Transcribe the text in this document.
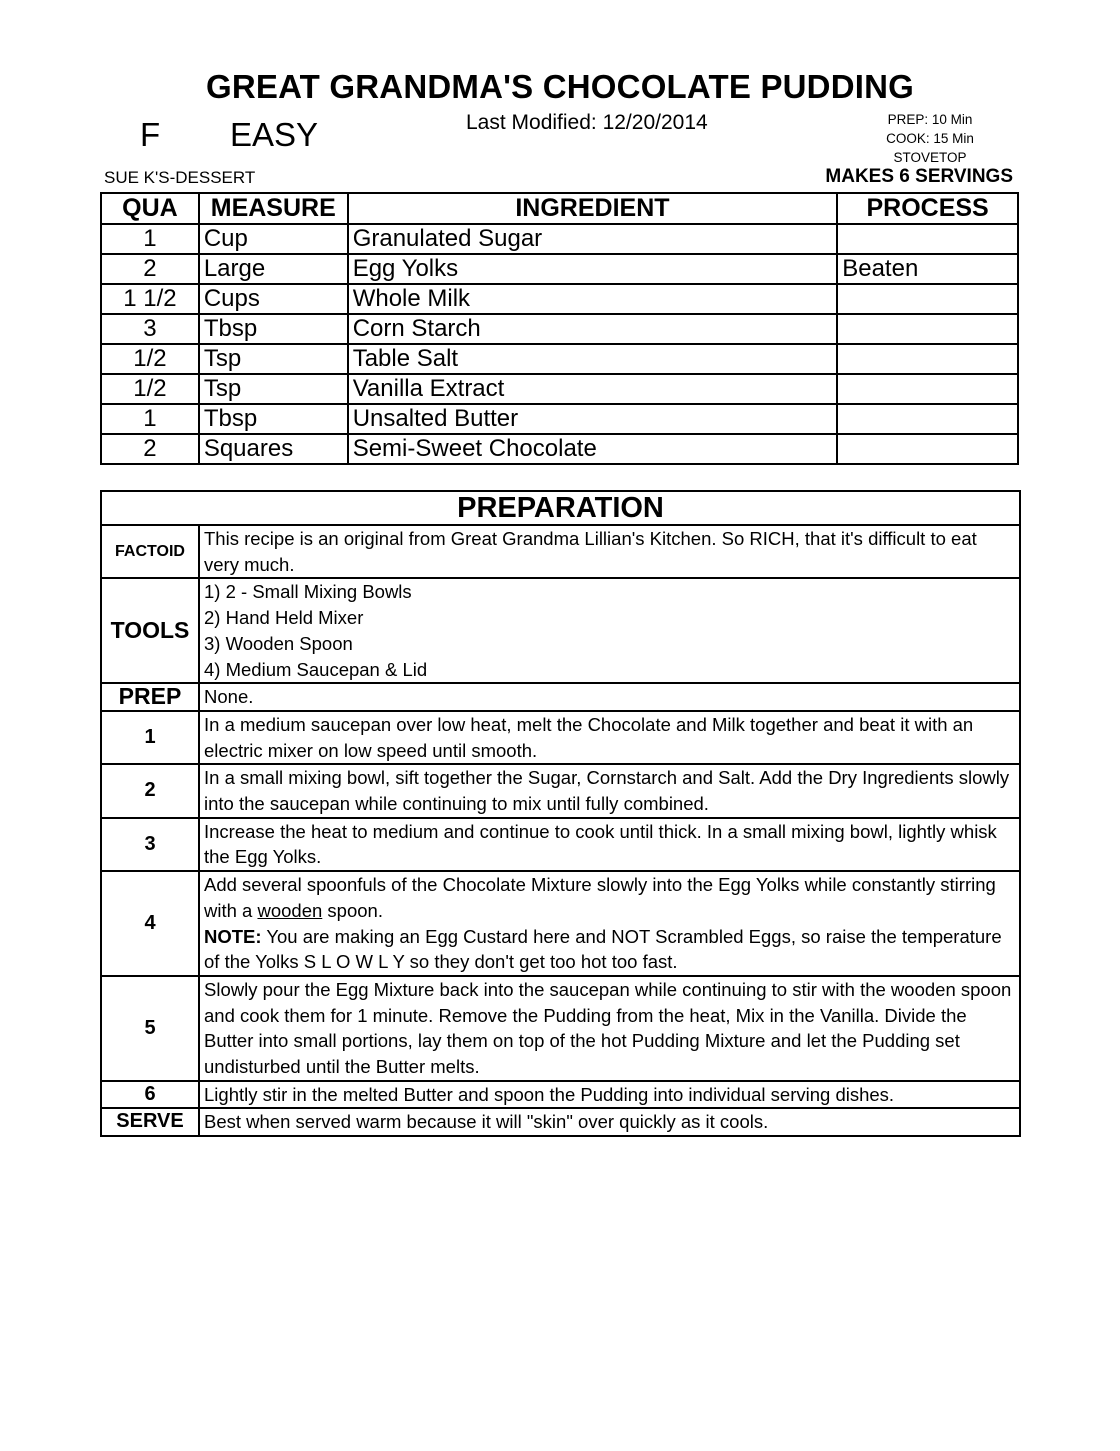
GREAT GRANDMA'S CHOCOLATE PUDDING
F EASY	Last Modified: 12/20/2014	PREP: 10 Min
COOK: 15 Min
STOVETOP
SUE K'S-DESSERT	MAKES 6 SERVINGS
QUA	MEASURE	INGREDIENT	PROCESS
1	Cup	Granulated Sugar	
2	Large	Egg Yolks	Beaten
1 1/2	Cups	Whole Milk	
3	Tbsp	Corn Starch	
1/2	Tsp	Table Salt	
1/2	Tsp	Vanilla Extract	
1	Tbsp	Unsalted Butter	
2	Squares	Semi-Sweet Chocolate	
PREPARATION	
FACTOID	This recipe is an original from Great Grandma Lillian's Kitchen. So RICH, that it's difficult to eat very much.
TOOLS	1) 2 - Small Mixing Bowls
2) Hand Held Mixer
3) Wooden Spoon
4) Medium Saucepan & Lid

PREP	None.
1	In a medium saucepan over low heat, melt the Chocolate and Milk together and beat it with an electric mixer on low speed until smooth.
2	In a small mixing bowl, sift together the Sugar, Cornstarch and Salt. Add the Dry Ingredients slowly into the saucepan while continuing to mix until fully combined.
3	Increase the heat to medium and continue to cook until thick. In a small mixing bowl, lightly whisk the Egg Yolks.
4	Add several spoonfuls of the Chocolate Mixture slowly into the Egg Yolks while constantly stirring with a wooden spoon.
NOTE: You are making an Egg Custard here and NOT Scrambled Eggs, so raise the temperature of the Yolks S L O W L Y so they don't get too hot too fast.
5	Slowly pour the Egg Mixture back into the saucepan while continuing to stir with the wooden spoon and cook them for 1 minute. Remove the Pudding from the heat, Mix in the Vanilla. Divide the Butter into small portions, lay them on top of the hot Pudding Mixture and let the Pudding set undisturbed until the Butter melts.
6	Lightly stir in the melted Butter and spoon the Pudding into individual serving dishes.
SERVE	Best when served warm because it will "skin" over quickly as it cools.
